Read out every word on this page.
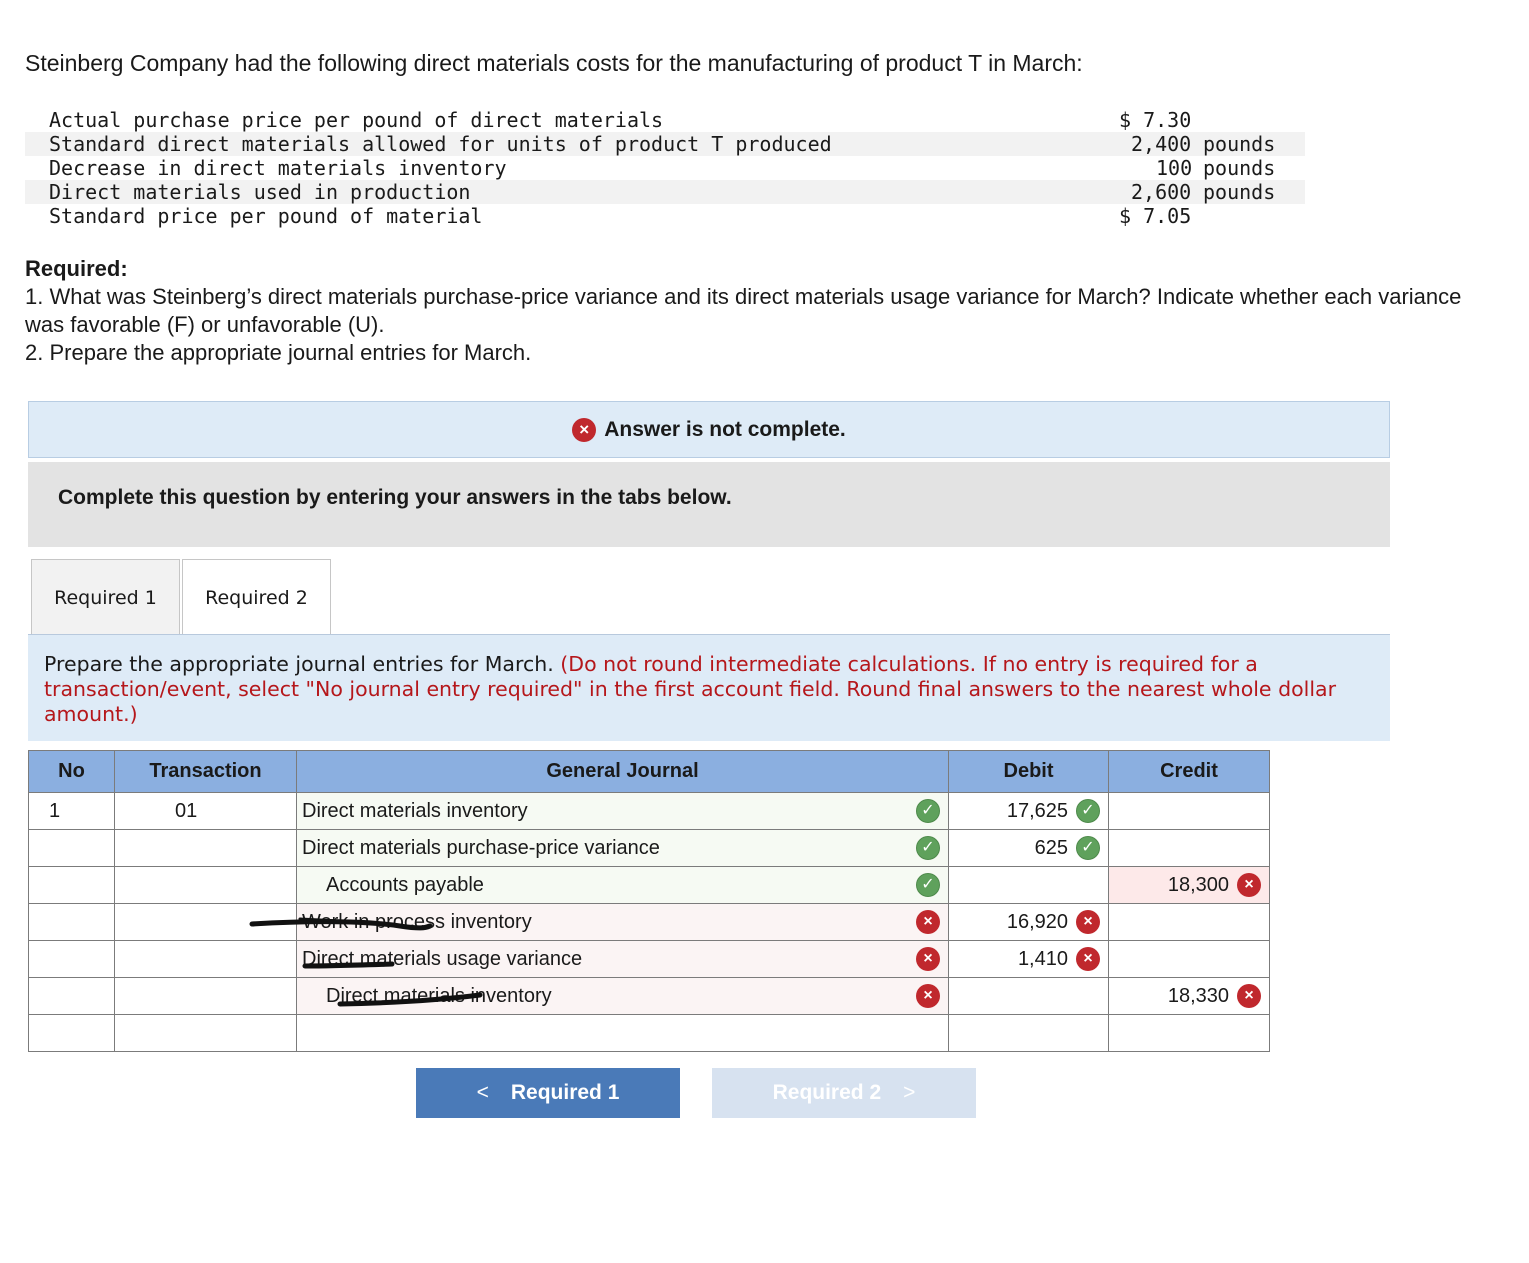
Steinberg Company had the following direct materials costs for the manufacturing of product T in March:
Actual purchase price per pound of direct materials	$ 7.30
Standard direct materials allowed for units of product T produced	2,400 pounds
Decrease in direct materials inventory	100 pounds
Direct materials used in production	2,600 pounds
Standard price per pound of material	$ 7.05
Required:
1. What was Steinberg’s direct materials purchase-price variance and its direct materials usage variance for March? Indicate whether each variance was favorable (F) or unfavorable (U).
2. Prepare the appropriate journal entries for March.
× Answer is not complete.
Complete this question by entering your answers in the tabs below.
Required 1	Required 2

Prepare the appropriate journal entries for March. (Do not round intermediate calculations. If no entry is required for a transaction/event, select "No journal entry required" in the first account field. Round final answers to the nearest whole dollar amount.)

No	Transaction	General Journal	Debit	Credit
1	01	Direct materials inventory ✓	17,625 ✓	

		Direct materials purchase-price variance ✓	625 ✓	

		Accounts payable ✓		18,300 ×

		Work in process inventory ×	16,920 ×	

		Direct materials usage variance ×	1,410 ×	

		Direct materials inventory ×		18,330 ×

< Required 1	Required 2 >
